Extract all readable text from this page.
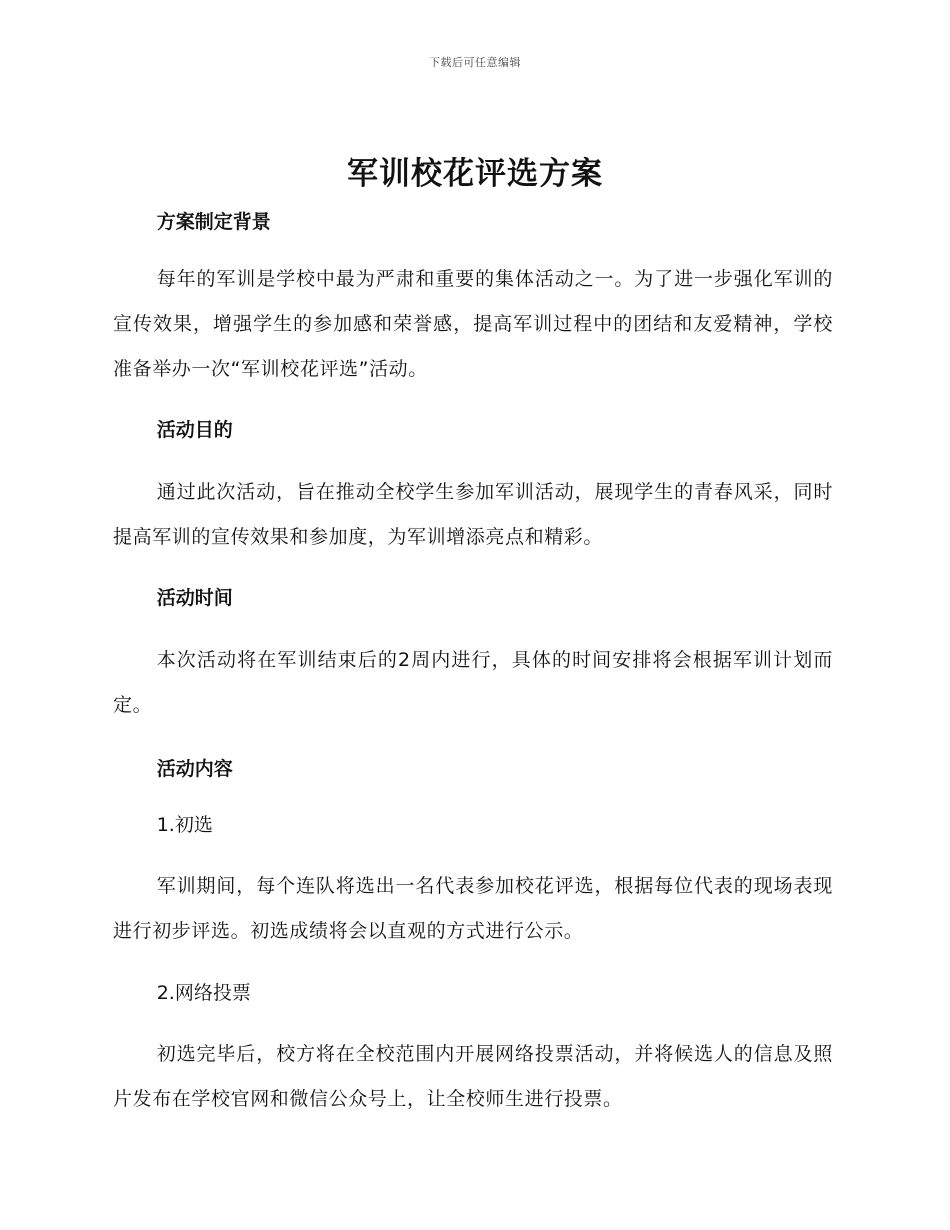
下载后可任意编辑
军训校花评选方案
方案制定背景

每年的军训是学校中最为严肃和重要的集体活动之一。为了进一步强化军训的宣传效果，增强学生的参加感和荣誉感，提高军训过程中的团结和友爱精神，学校准备举办一次“军训校花评选”活动。

活动目的

通过此次活动，旨在推动全校学生参加军训活动，展现学生的青春风采，同时提高军训的宣传效果和参加度，为军训增添亮点和精彩。

活动时间

本次活动将在军训结束后的2周内进行，具体的时间安排将会根据军训计划而定。

活动内容
1.初选

军训期间，每个连队将选出一名代表参加校花评选，根据每位代表的现场表现进行初步评选。初选成绩将会以直观的方式进行公示。

2.网络投票

初选完毕后，校方将在全校范围内开展网络投票活动，并将候选人的信息及照片发布在学校官网和微信公众号上，让全校师生进行投票。
